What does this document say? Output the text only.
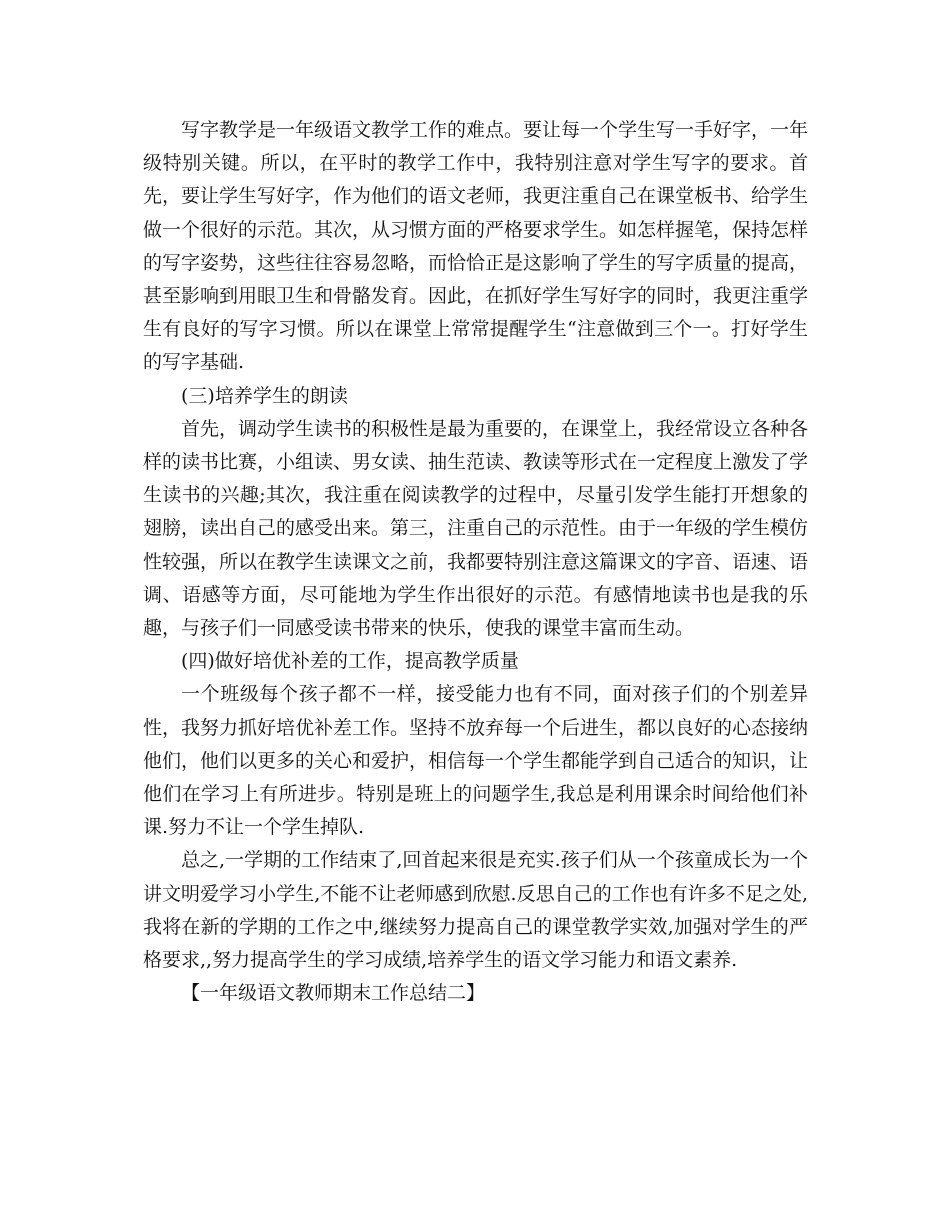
写字教学是一年级语文教学工作的难点。要让每一个学生写一手好字，一年级特别关键。所以，在平时的教学工作中，我特别注意对学生写字的要求。首先，要让学生写好字，作为他们的语文老师，我更注重自己在课堂板书、给学生做一个很好的示范。其次，从习惯方面的严格要求学生。如怎样握笔，保持怎样的写字姿势，这些往往容易忽略，而恰恰正是这影响了学生的写字质量的提高，甚至影响到用眼卫生和骨骼发育。因此，在抓好学生写好字的同时，我更注重学生有良好的写字习惯。所以在课堂上常常提醒学生“注意做到三个一。打好学生的写字基础.

(三)培养学生的朗读

首先，调动学生读书的积极性是最为重要的，在课堂上，我经常设立各种各样的读书比赛，小组读、男女读、抽生范读、教读等形式在一定程度上激发了学生读书的兴趣;其次，我注重在阅读教学的过程中，尽量引发学生能打开想象的翅膀，读出自己的感受出来。第三，注重自己的示范性。由于一年级的学生模仿性较强，所以在教学生读课文之前，我都要特别注意这篇课文的字音、语速、语调、语感等方面，尽可能地为学生作出很好的示范。有感情地读书也是我的乐趣，与孩子们一同感受读书带来的快乐，使我的课堂丰富而生动。

(四)做好培优补差的工作，提高教学质量

一个班级每个孩子都不一样，接受能力也有不同，面对孩子们的个别差异性，我努力抓好培优补差工作。坚持不放弃每一个后进生，都以良好的心态接纳他们，他们以更多的关心和爱护，相信每一个学生都能学到自己适合的知识，让他们在学习上有所进步。特别是班上的问题学生,我总是利用课余时间给他们补课.努力不让一个学生掉队.

总之,一学期的工作结束了,回首起来很是充实.孩子们从一个孩童成长为一个讲文明爱学习小学生,不能不让老师感到欣慰.反思自己的工作也有许多不足之处,我将在新的学期的工作之中,继续努力提高自己的课堂教学实效,加强对学生的严格要求,,努力提高学生的学习成绩,培养学生的语文学习能力和语文素养.

【一年级语文教师期末工作总结二】
